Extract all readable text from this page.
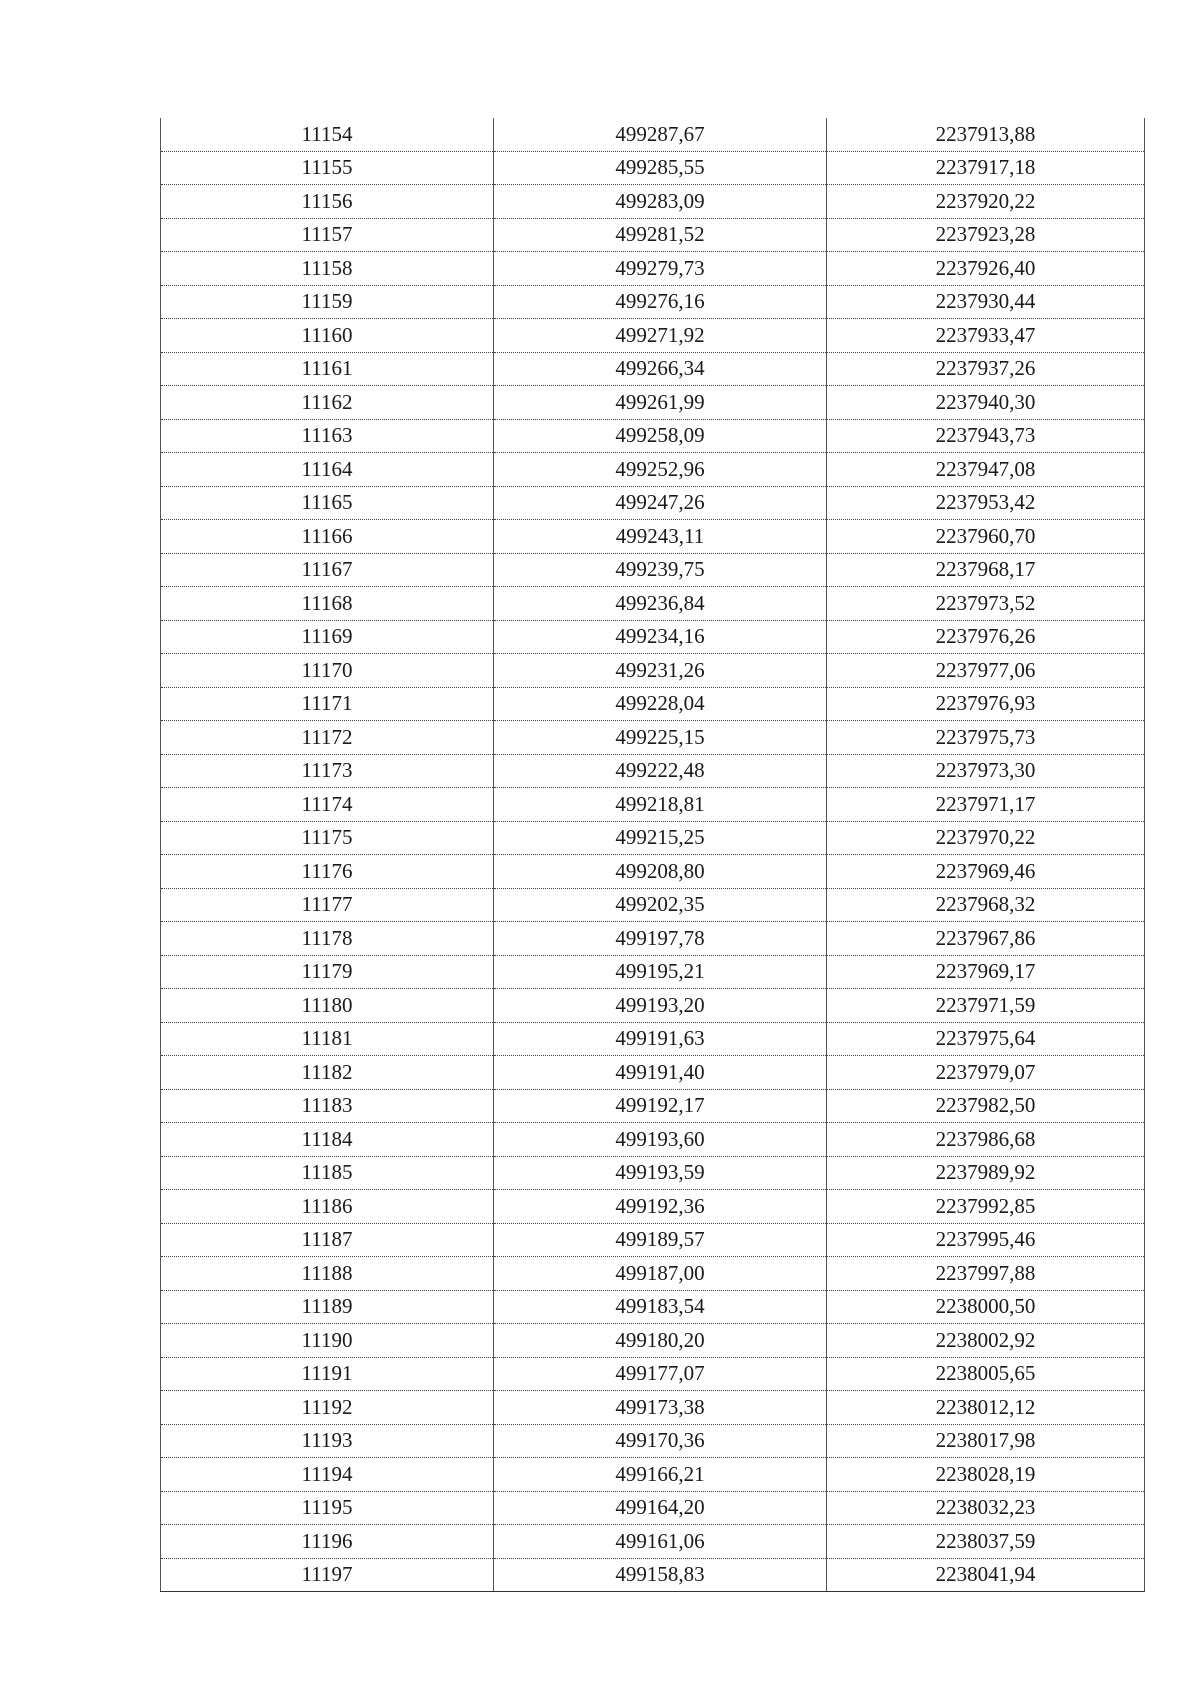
11154	499287,67	2237913,88
11155	499285,55	2237917,18
11156	499283,09	2237920,22
11157	499281,52	2237923,28
11158	499279,73	2237926,40
11159	499276,16	2237930,44
11160	499271,92	2237933,47
11161	499266,34	2237937,26
11162	499261,99	2237940,30
11163	499258,09	2237943,73
11164	499252,96	2237947,08
11165	499247,26	2237953,42
11166	499243,11	2237960,70
11167	499239,75	2237968,17
11168	499236,84	2237973,52
11169	499234,16	2237976,26
11170	499231,26	2237977,06
11171	499228,04	2237976,93
11172	499225,15	2237975,73
11173	499222,48	2237973,30
11174	499218,81	2237971,17
11175	499215,25	2237970,22
11176	499208,80	2237969,46
11177	499202,35	2237968,32
11178	499197,78	2237967,86
11179	499195,21	2237969,17
11180	499193,20	2237971,59
11181	499191,63	2237975,64
11182	499191,40	2237979,07
11183	499192,17	2237982,50
11184	499193,60	2237986,68
11185	499193,59	2237989,92
11186	499192,36	2237992,85
11187	499189,57	2237995,46
11188	499187,00	2237997,88
11189	499183,54	2238000,50
11190	499180,20	2238002,92
11191	499177,07	2238005,65
11192	499173,38	2238012,12
11193	499170,36	2238017,98
11194	499166,21	2238028,19
11195	499164,20	2238032,23
11196	499161,06	2238037,59
11197	499158,83	2238041,94
